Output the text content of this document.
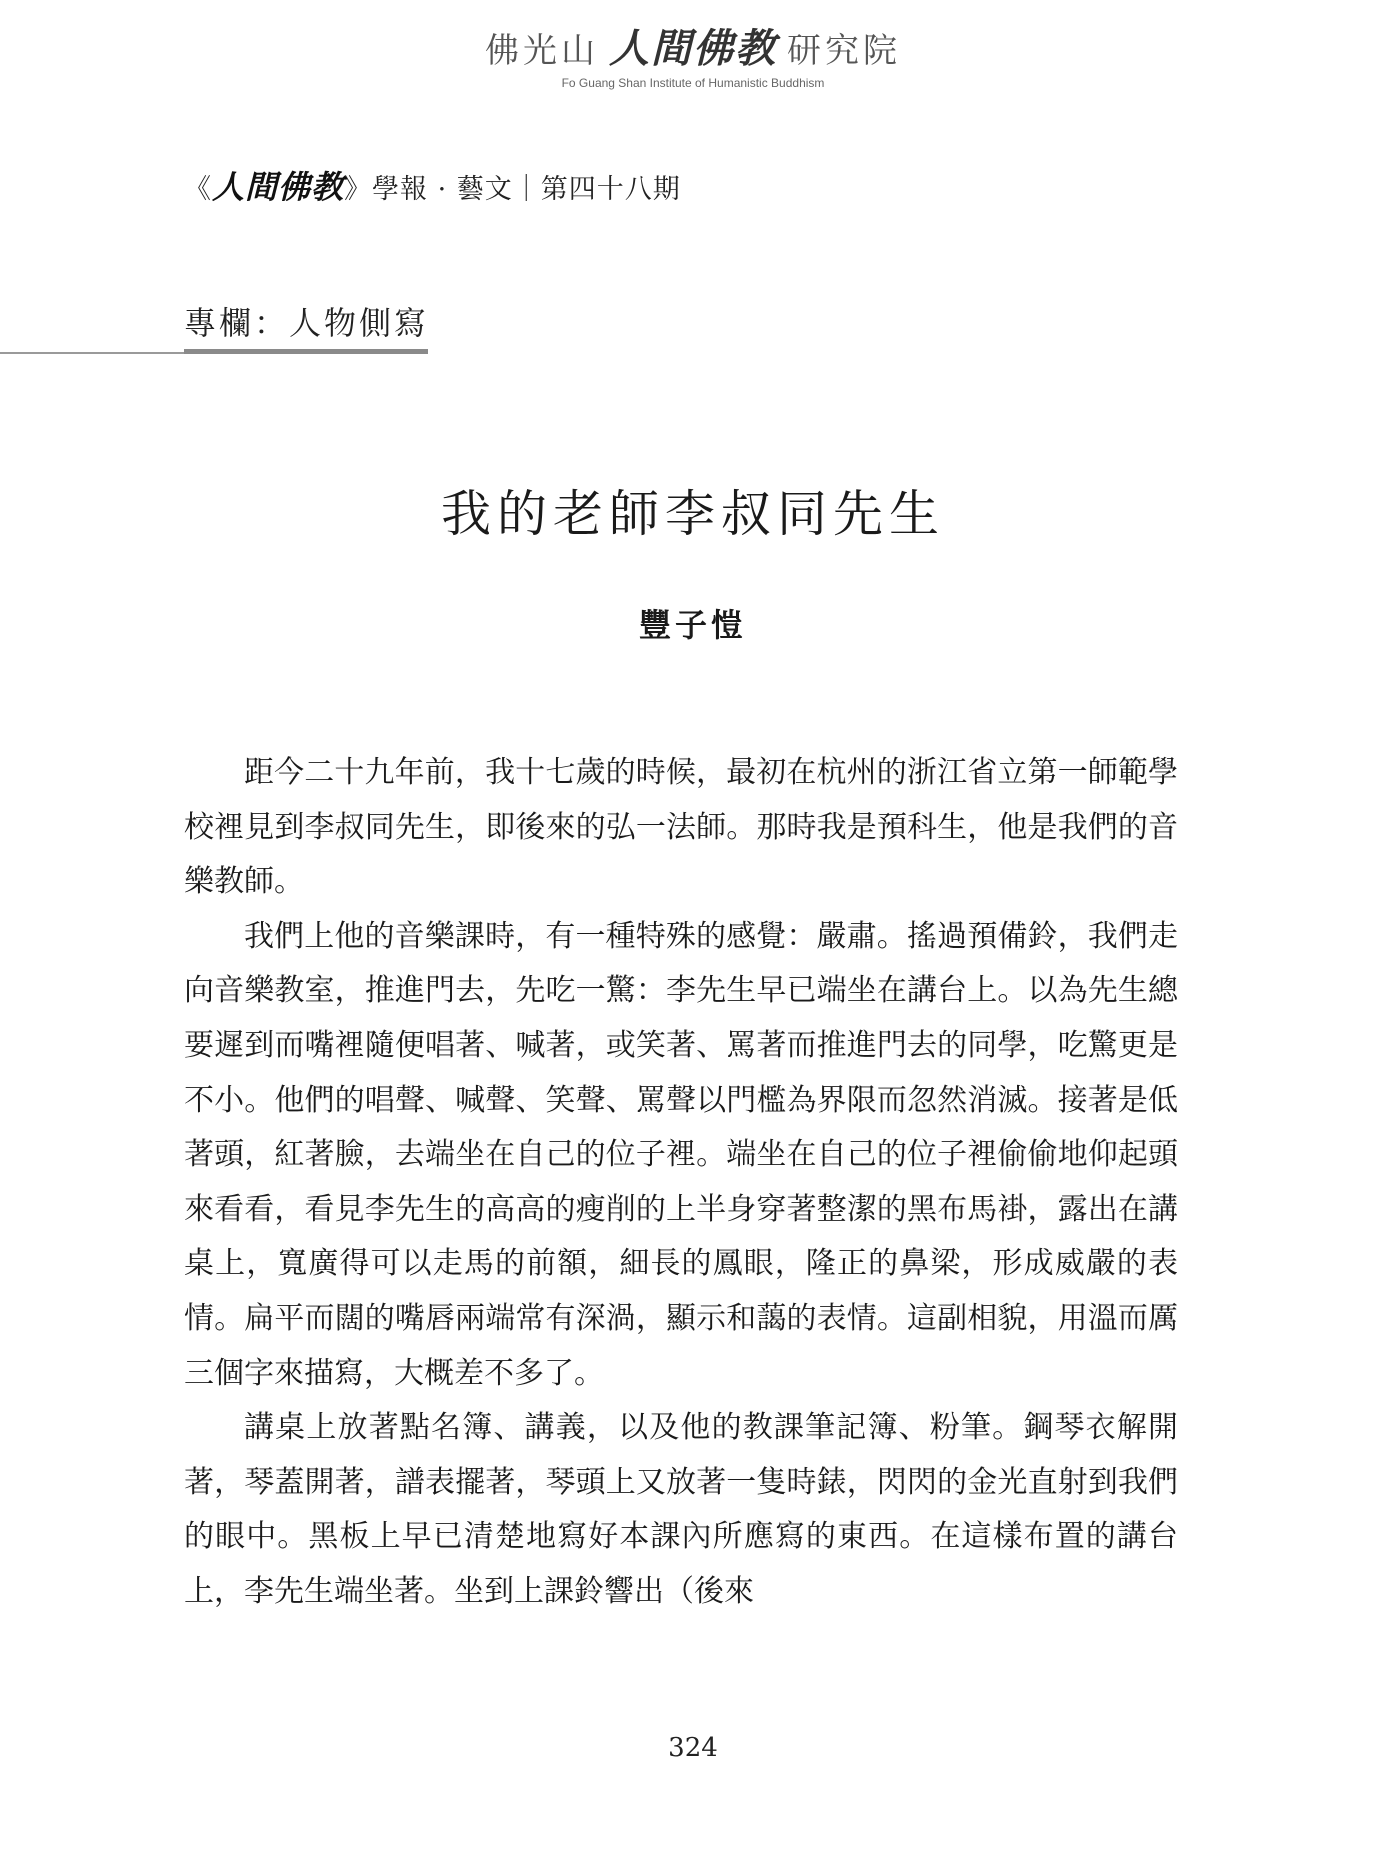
佛光山 人間佛教 研究院
Fo Guang Shan Institute of Humanistic Buddhism
《人間佛教》學報 · 藝文｜第四十八期
專欄：人物側寫
我的老師李叔同先生
豐子愷

距今二十九年前，我十七歲的時候，最初在杭州的浙江省立第一師範學校裡見到李叔同先生，即後來的弘一法師。那時我是預科生，他是我們的音樂教師。

我們上他的音樂課時，有一種特殊的感覺：嚴肅。搖過預備鈴，我們走向音樂教室，推進門去，先吃一驚：李先生早已端坐在講台上。以為先生總要遲到而嘴裡隨便唱著、喊著，或笑著、罵著而推進門去的同學，吃驚更是不小。他們的唱聲、喊聲、笑聲、罵聲以門檻為界限而忽然消滅。接著是低著頭，紅著臉，去端坐在自己的位子裡。端坐在自己的位子裡偷偷地仰起頭來看看，看見李先生的高高的瘦削的上半身穿著整潔的黑布馬褂，露出在講桌上，寬廣得可以走馬的前額，細長的鳳眼，隆正的鼻梁，形成威嚴的表情。扁平而闊的嘴唇兩端常有深渦，顯示和藹的表情。這副相貌，用溫而厲三個字來描寫，大概差不多了。

講桌上放著點名簿、講義，以及他的教課筆記簿、粉筆。鋼琴衣解開著，琴蓋開著，譜表擺著，琴頭上又放著一隻時錶，閃閃的金光直射到我們的眼中。黑板上早已清楚地寫好本課內所應寫的東西。在這樣布置的講台上，李先生端坐著。坐到上課鈴響出（後來

324
